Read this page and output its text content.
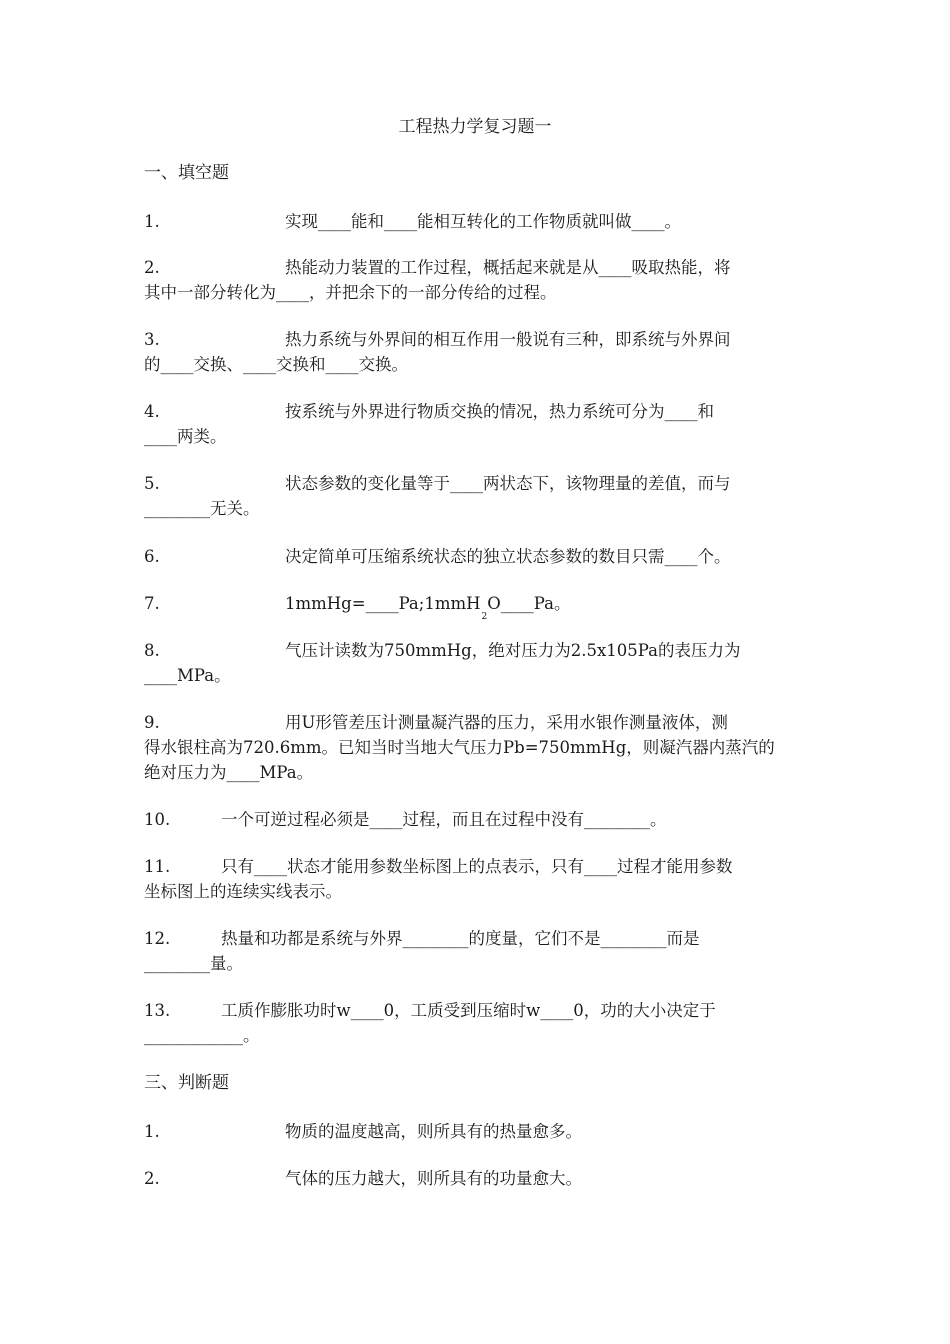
工程热力学复习题一
一、填空题
1.	实现____能和____能相互转化的工作物质就叫做____。
2.	热能动力装置的工作过程，概括起来就是从____吸取热能，将
其中一部分转化为____，并把余下的一部分传给的过程。
3.	热力系统与外界间的相互作用一般说有三种，即系统与外界间
的____交换、____交换和____交换。
4.	按系统与外界进行物质交换的情况，热力系统可分为____和
____两类。
5.	状态参数的变化量等于____两状态下，该物理量的差值，而与
________无关。
6.	决定简单可压缩系统状态的独立状态参数的数目只需____个。
7.	1mmHg=____Pa;1mmH$_2$O____Pa。
8.	气压计读数为750mmHg，绝对压力为2.5x105Pa的表压力为
____MPa。
9.	用U形管差压计测量凝汽器的压力，采用水银作测量液体，测
得水银柱高为720.6mm。已知当时当地大气压力Pb=750mmHg，则凝汽器内蒸汽的
绝对压力为____MPa。
10.	一个可逆过程必须是____过程，而且在过程中没有________。
11.	只有____状态才能用参数坐标图上的点表示，只有____过程才能用参数
坐标图上的连续实线表示。
12.	热量和功都是系统与外界________的度量，它们不是________而是
________量。
13.	工质作膨胀功时w____0，工质受到压缩时w____0，功的大小决定于
____________。
三、判断题
1.	物质的温度越高，则所具有的热量愈多。
2.	气体的压力越大，则所具有的功量愈大。
